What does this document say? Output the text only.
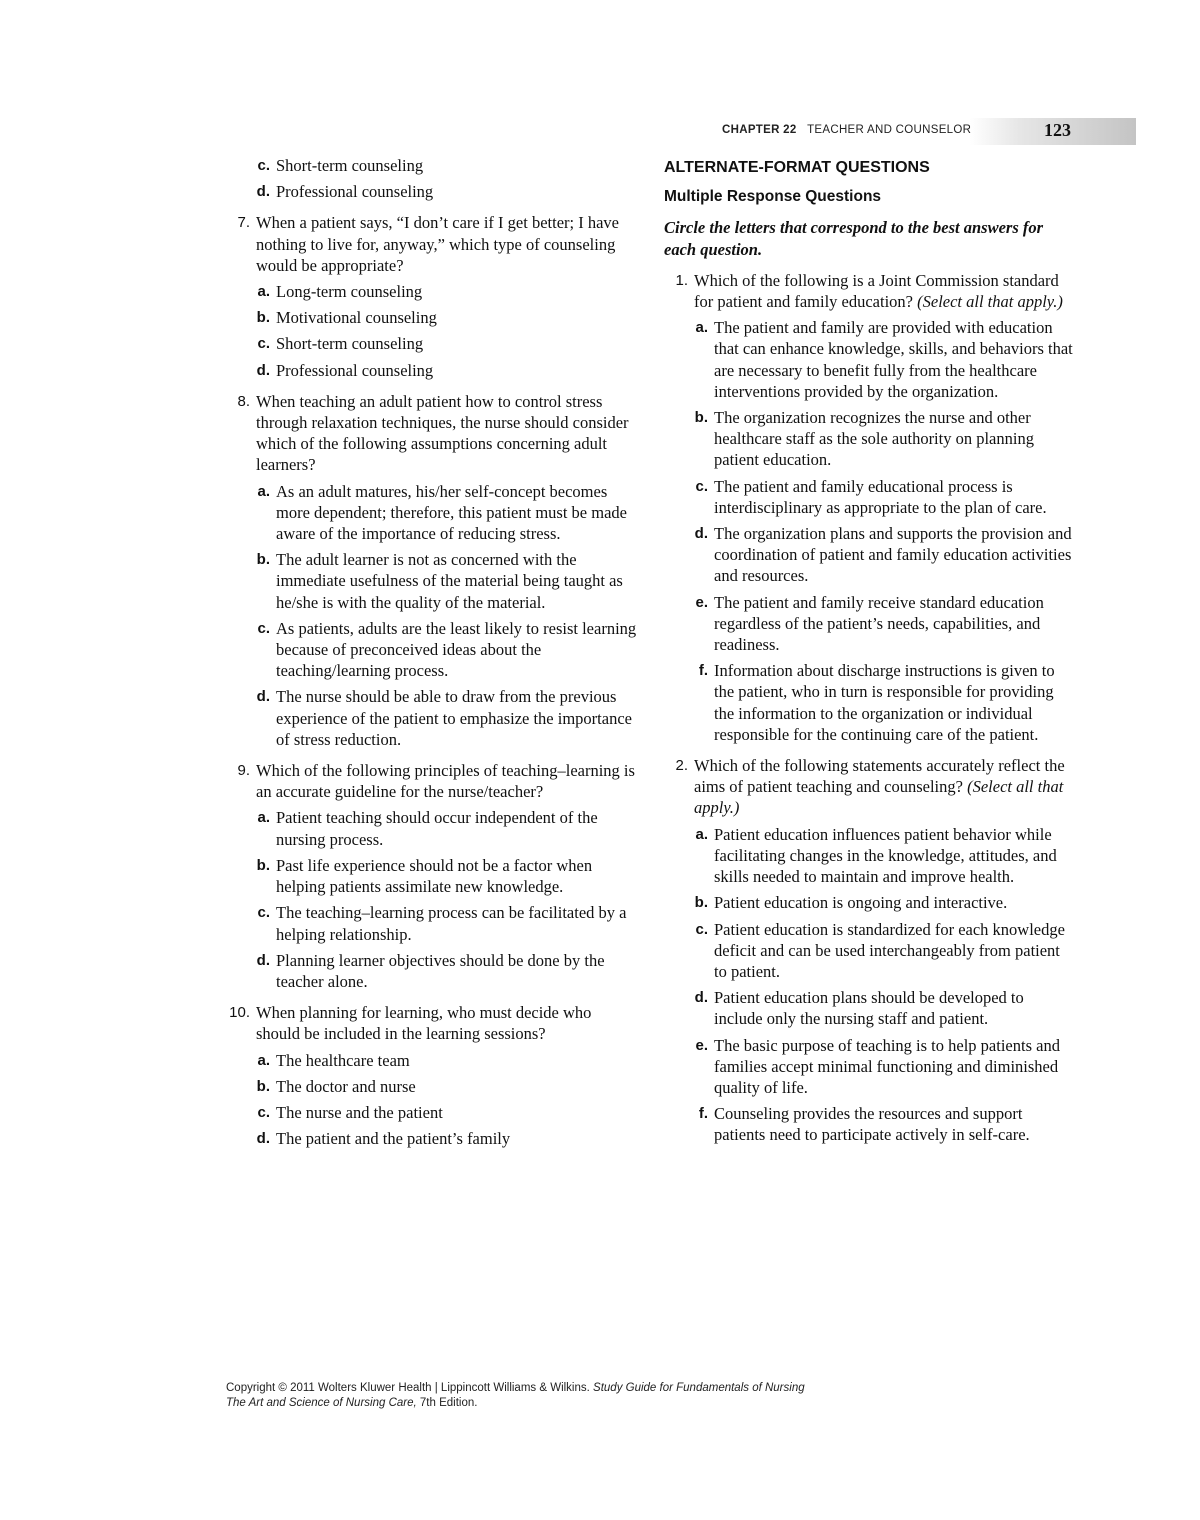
CHAPTER 22 TEACHER AND COUNSELOR	123
c. Short-term counseling
d. Professional counseling
7. When a patient says, “I don’t care if I get better; I have nothing to live for, anyway,” which type of counseling would be appropriate?
a. Long-term counseling
b. Motivational counseling
c. Short-term counseling
d. Professional counseling
8. When teaching an adult patient how to control stress through relaxation techniques, the nurse should consider which of the following assumptions concerning adult learners?
a. As an adult matures, his/her self-concept becomes more dependent; therefore, this patient must be made aware of the importance of reducing stress.
b. The adult learner is not as concerned with the immediate usefulness of the material being taught as he/she is with the quality of the material.
c. As patients, adults are the least likely to resist learning because of preconceived ideas about the teaching/learning process.
d. The nurse should be able to draw from the previous experience of the patient to emphasize the importance of stress reduction.
9. Which of the following principles of teaching–learning is an accurate guideline for the nurse/teacher?
a. Patient teaching should occur independent of the nursing process.
b. Past life experience should not be a factor when helping patients assimilate new knowledge.
c. The teaching–learning process can be facilitated by a helping relationship.
d. Planning learner objectives should be done by the teacher alone.
10. When planning for learning, who must decide who should be included in the learning sessions?
a. The healthcare team
b. The doctor and nurse
c. The nurse and the patient
d. The patient and the patient’s family
ALTERNATE-FORMAT QUESTIONS
Multiple Response Questions
Circle the letters that correspond to the best answers for each question.
1. Which of the following is a Joint Commission standard for patient and family education? (Select all that apply.)
a. The patient and family are provided with education that can enhance knowledge, skills, and behaviors that are necessary to benefit fully from the healthcare interventions provided by the organization.
b. The organization recognizes the nurse and other healthcare staff as the sole authority on planning patient education.
c. The patient and family educational process is interdisciplinary as appropriate to the plan of care.
d. The organization plans and supports the provision and coordination of patient and family education activities and resources.
e. The patient and family receive standard education regardless of the patient’s needs, capabilities, and readiness.
f. Information about discharge instructions is given to the patient, who in turn is responsible for providing the information to the organization or individual responsible for the continuing care of the patient.
2. Which of the following statements accurately reflect the aims of patient teaching and counseling? (Select all that apply.)
a. Patient education influences patient behavior while facilitating changes in the knowledge, attitudes, and skills needed to maintain and improve health.
b. Patient education is ongoing and interactive.
c. Patient education is standardized for each knowledge deficit and can be used interchangeably from patient to patient.
d. Patient education plans should be developed to include only the nursing staff and patient.
e. The basic purpose of teaching is to help patients and families accept minimal functioning and diminished quality of life.
f. Counseling provides the resources and support patients need to participate actively in self-care.
Copyright © 2011 Wolters Kluwer Health | Lippincott Williams & Wilkins. Study Guide for Fundamentals of Nursing
The Art and Science of Nursing Care, 7th Edition.
